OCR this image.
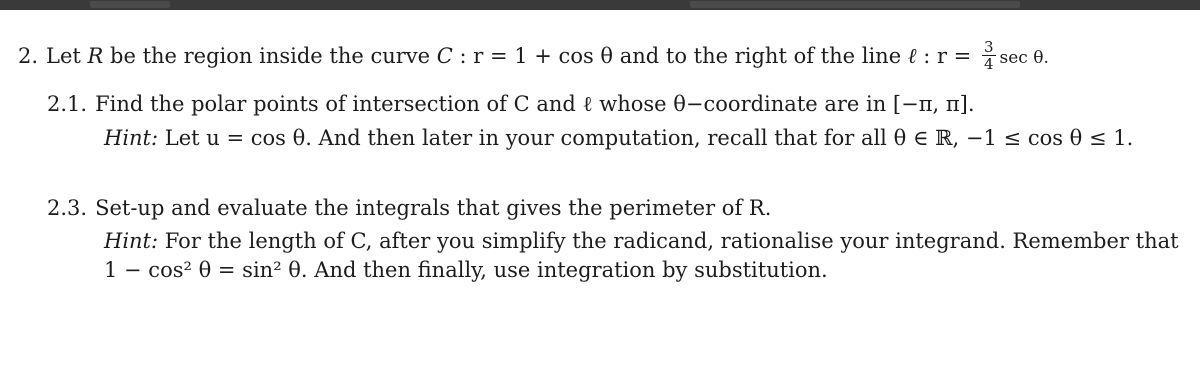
2. Let R be the region inside the curve C : r = 1 + cos θ and to the right of the line ℓ : $r = \frac{3}{4}$ sec θ.
2.1. Find the polar points of intersection of C and ℓ whose θ−coordinate are in [−π, π].
Hint: Let u = cos θ. And then later in your computation, recall that for all θ ∈ ℝ, −1 ≤ cos θ ≤ 1.
2.3. Set-up and evaluate the integrals that gives the perimeter of R.
Hint: For the length of C, after you simplify the radicand, rationalise your integrand. Remember that
1 − cos² θ = sin² θ. And then finally, use integration by substitution.
